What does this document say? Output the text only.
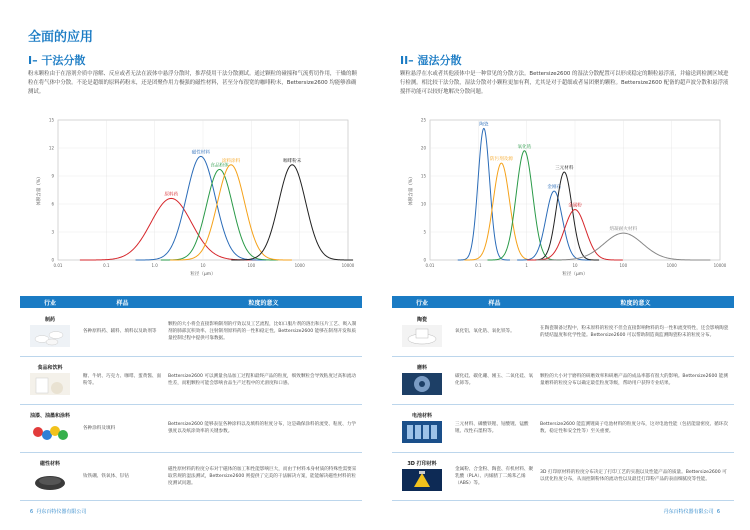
全面的应用
I– 干法分散
粉末颗粒由于在溶剂介质中溶解、反应或者无法在液体中悬浮分散时，推荐使用干法分散测试。通过颗粒的碰撞和气流剪切作用，干燥的颗粒在将气体中分散。不论是超细的原料药粉末，还是团聚作用力极强的磁性材料，甚至分布很宽的咖啡粉末，Bettersize2600 均能够准确测试。
0
3
6
9
12
15
0.01	0.1	1.0	10	100	1000	10000
粒径（μm）
体积含量（%）	原料药
磁性材料
食品粉体
涂料涂料	咖啡粉末
行业	样品	粒度的意义
制药	各种原料药、辅料、填料以及助剂等	颗粒的大小将会直接影响制剂的疗效以及工艺流程，比如口服片剂的溶出和压片工艺、吸入制剂的肺部沉积效率、注射制剂原料药的一性和稳定性。Bettersize2600 能够在制剂开发和质量控制过程中提供可靠数据。
食品和饮料	糖、牛奶、巧克力、咖啡、蛋黄酱、面粉等。	Bettersize2600 可以测量食品加工过程和最终产品的粒度，细致颗粒会导致粘度过高和流动性差，而粗颗粒可能会影响食品生产过程中的光滑度和口感。
油漆、油墨和涂料	各种涂料及填料	Bettersize2600 能够表征各种涂料以及填料的粒度分布，这是确保涂料的流变、粘度、力学强度以及纸涂效率的关键参数。
磁性材料	钕铁硼、铁氧体、钐钴	磁性原材料的粒度分布对于磁体的加工和性能影响巨大，而由于材料本身材质的特殊性需要采取常规的湿法测试，Bettersize2600 则提供了完美的干法解决方案，能能解决磁性材料的粒度测试问题。
6 丹东百特仪器有限公司
II– 湿法分散
颗粒悬浮在水或者其他液体中是一种常见的分散方法。Bettersize2600 的湿法分散配置可以形成稳定的颗粒悬浮液，并输送到检测区域进行检测。相比较干法分散，湿法分散对小颗粒更加有利，尤其是对于超细或者易团聚的颗粒。Bettersize2600 配备的超声波分散和悬浮液搅拌功能可以较好地解决分散问题。
0
5
10
15
20
25
0.01	0.1	1	10	100	1000	10000
粒径（μm）
体积含量（%）
陶瓷
防污剂及源
氧化锆
金刚石
三元材料
金属粉
熔凝耐火材料
行业	样品	粒度的意义
陶瓷	氧化铝、氧化锆、氧化铁等。	在陶瓷制备过程中，粉末原料的粒度不但会直接影响物料的均一性和流变特性，还会影响陶瓷的烧结温度和化学性能。Bettersize2600 可以帮助制造商监测陶瓷粉末的粒度分布。
磨料	碳化硅、碳化硼、刚玉、二氧化硅、氧化铈等。	颗粒的大小对于磨料的研磨效率和研磨产品的成品率都有很大的影响。Bettersize2600 能测量磨料的粒度分布以确定最佳粒度等级，帮助用户获得专业结果。
电池材料	三元材料、磷酸铁锂、钴酸锂、锰酸锂、改性石墨粉等。	Bettersize2600 能监测锂离子电池材料的粒度分布，这对电池性能（包括能量密度、循环次数、稳定性和安全性等）至关重要。
3D 打印材料	金属粉、合金粉、陶瓷、有机材料、聚乳酸（PLA）、丙烯腈丁二烯苯乙烯（ABS）等。	3D 打印原材料的粒度分布决定了打印工艺的实施以及性能产品的质量。Bettersize2600 可以优化粒度分布，从而控制粉体的流动性以及最佳打印粉产品的表面细腻度等性能。
丹东百特仪器有限公司 6
